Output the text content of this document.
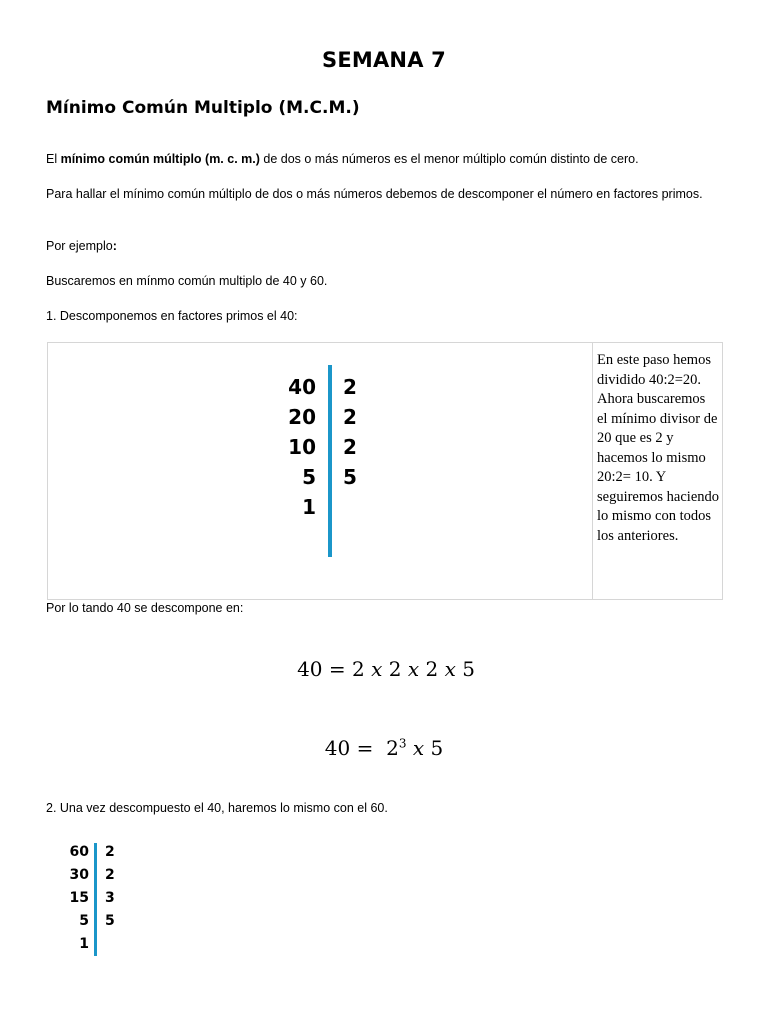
SEMANA 7
Mínimo Común Multiplo (M.C.M.)
El mínimo común múltiplo (m. c. m.) de dos o más números es el menor múltiplo común distinto de cero.
Para hallar el mínimo común múltiplo de dos o más números debemos de descomponer el número en factores primos.
Por ejemplo:
Buscaremos en mínmo común multiplo de 40 y 60.
1. Descomponemos en factores primos el 40:
40 2
20 2
10 2
5 5
1
En este paso hemos dividido 40:2=20. Ahora buscaremos el mínimo divisor de 20 que es 2 y hacemos lo mismo 20:2= 10. Y seguiremos haciendo lo mismo con todos los anteriores.
Por lo tando 40 se descompone en:
40 = 2 x 2 x 2 x 5
$40 = 2^3$ x 5
2. Una vez descompuesto el 40, haremos lo mismo con el 60.
60 2
30 2
15 3
5 5
1
